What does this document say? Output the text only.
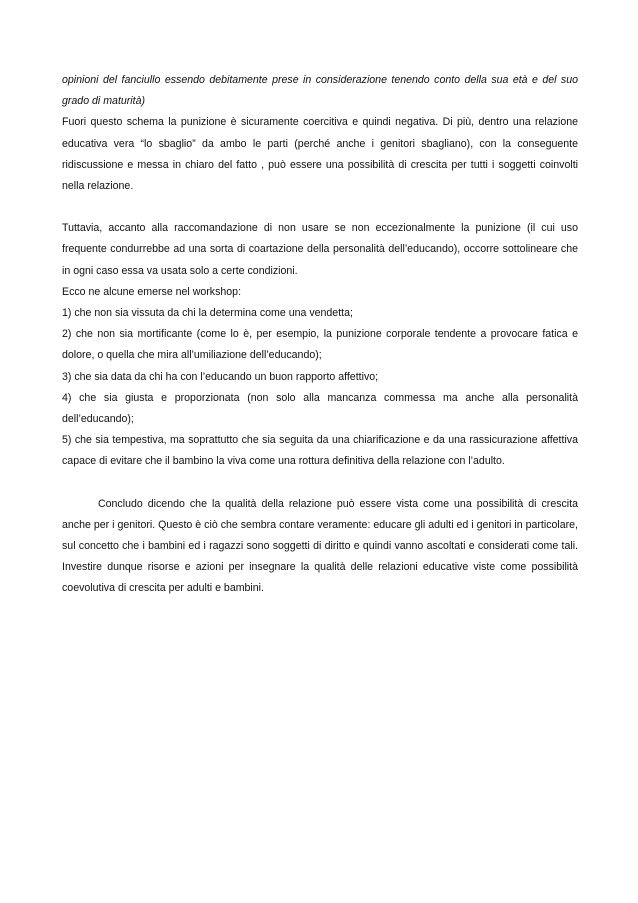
opinioni del fanciullo essendo debitamente prese in considerazione tenendo conto della sua età e del suo grado di maturità)

Fuori questo schema la punizione è sicuramente coercitiva e quindi negativa. Di più, dentro una relazione educativa vera “lo sbaglio” da ambo le parti (perché anche i genitori sbagliano), con la conseguente ridiscussione e messa in chiaro del fatto , può essere una possibilità di crescita per tutti i soggetti coinvolti nella relazione.

Tuttavia, accanto alla raccomandazione di non usare se non eccezionalmente la punizione (il cui uso frequente condurrebbe ad una sorta di coartazione della personalità dell’educando), occorre sottolineare che in ogni caso essa va usata solo a certe condizioni.

Ecco ne alcune emerse nel workshop:

1) che non sia vissuta da chi la determina come una vendetta;

2) che non sia mortificante (come lo è, per esempio, la punizione corporale tendente a provocare fatica e dolore, o quella che mira all’umiliazione dell’educando);

3) che sia data da chi ha con l’educando un buon rapporto affettivo;

4) che sia giusta e proporzionata (non solo alla mancanza commessa ma anche alla personalità dell’educando);

5) che sia tempestiva, ma soprattutto che sia seguita da una chiarificazione e da una rassicurazione affettiva capace di evitare che il bambino la viva come una rottura definitiva della relazione con l’adulto.

Concludo dicendo che la qualità della relazione può essere vista come una possibilità di crescita anche per i genitori. Questo è ciò che sembra contare veramente: educare gli adulti ed i genitori in particolare, sul concetto che i bambini ed i ragazzi sono soggetti di diritto e quindi vanno ascoltati e considerati come tali. Investire dunque risorse e azioni per insegnare la qualità delle relazioni educative viste come possibilità coevolutiva di crescita per adulti e bambini.
